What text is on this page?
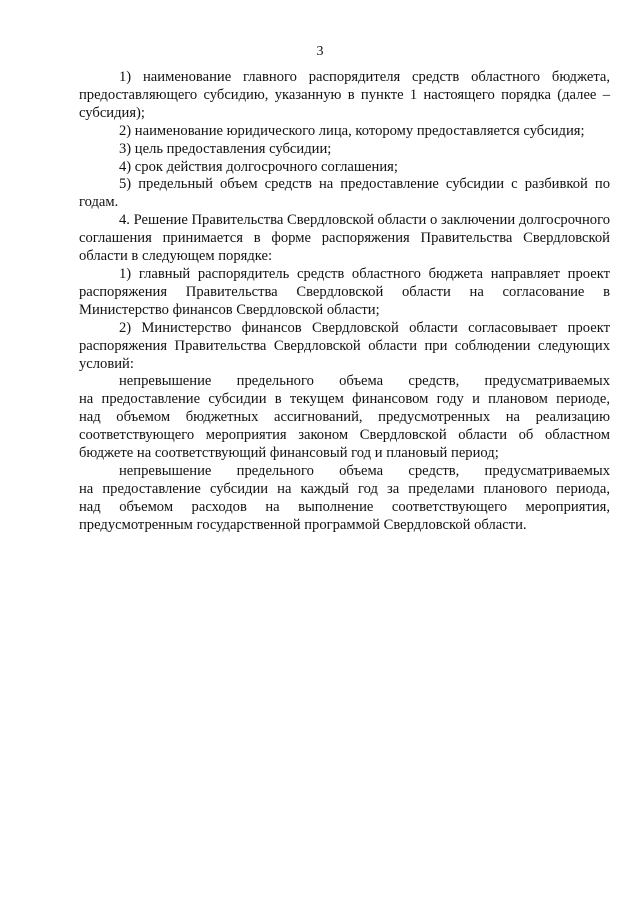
3

1) наименование главного распорядителя средств областного бюджета, предоставляющего субсидию, указанную в пункте 1 настоящего порядка (далее – субсидия);

2) наименование юридического лица, которому предоставляется субсидия;

3) цель предоставления субсидии;

4) срок действия долгосрочного соглашения;

5) предельный объем средств на предоставление субсидии с разбивкой по годам.

4. Решение Правительства Свердловской области о заключении долгосрочного соглашения принимается в форме распоряжения Правительства Свердловской области в следующем порядке:

1) главный распорядитель средств областного бюджета направляет проект распоряжения Правительства Свердловской области на согласование в Министерство финансов Свердловской области;

2) Министерство финансов Свердловской области согласовывает проект распоряжения Правительства Свердловской области при соблюдении следующих условий:

непревышение предельного объема средств, предусматриваемых на предоставление субсидии в текущем финансовом году и плановом периоде, над объемом бюджетных ассигнований, предусмотренных на реализацию соответствующего мероприятия законом Свердловской области об областном бюджете на соответствующий финансовый год и плановый период;

непревышение предельного объема средств, предусматриваемых на предоставление субсидии на каждый год за пределами планового периода, над объемом расходов на выполнение соответствующего мероприятия, предусмотренным государственной программой Свердловской области.
